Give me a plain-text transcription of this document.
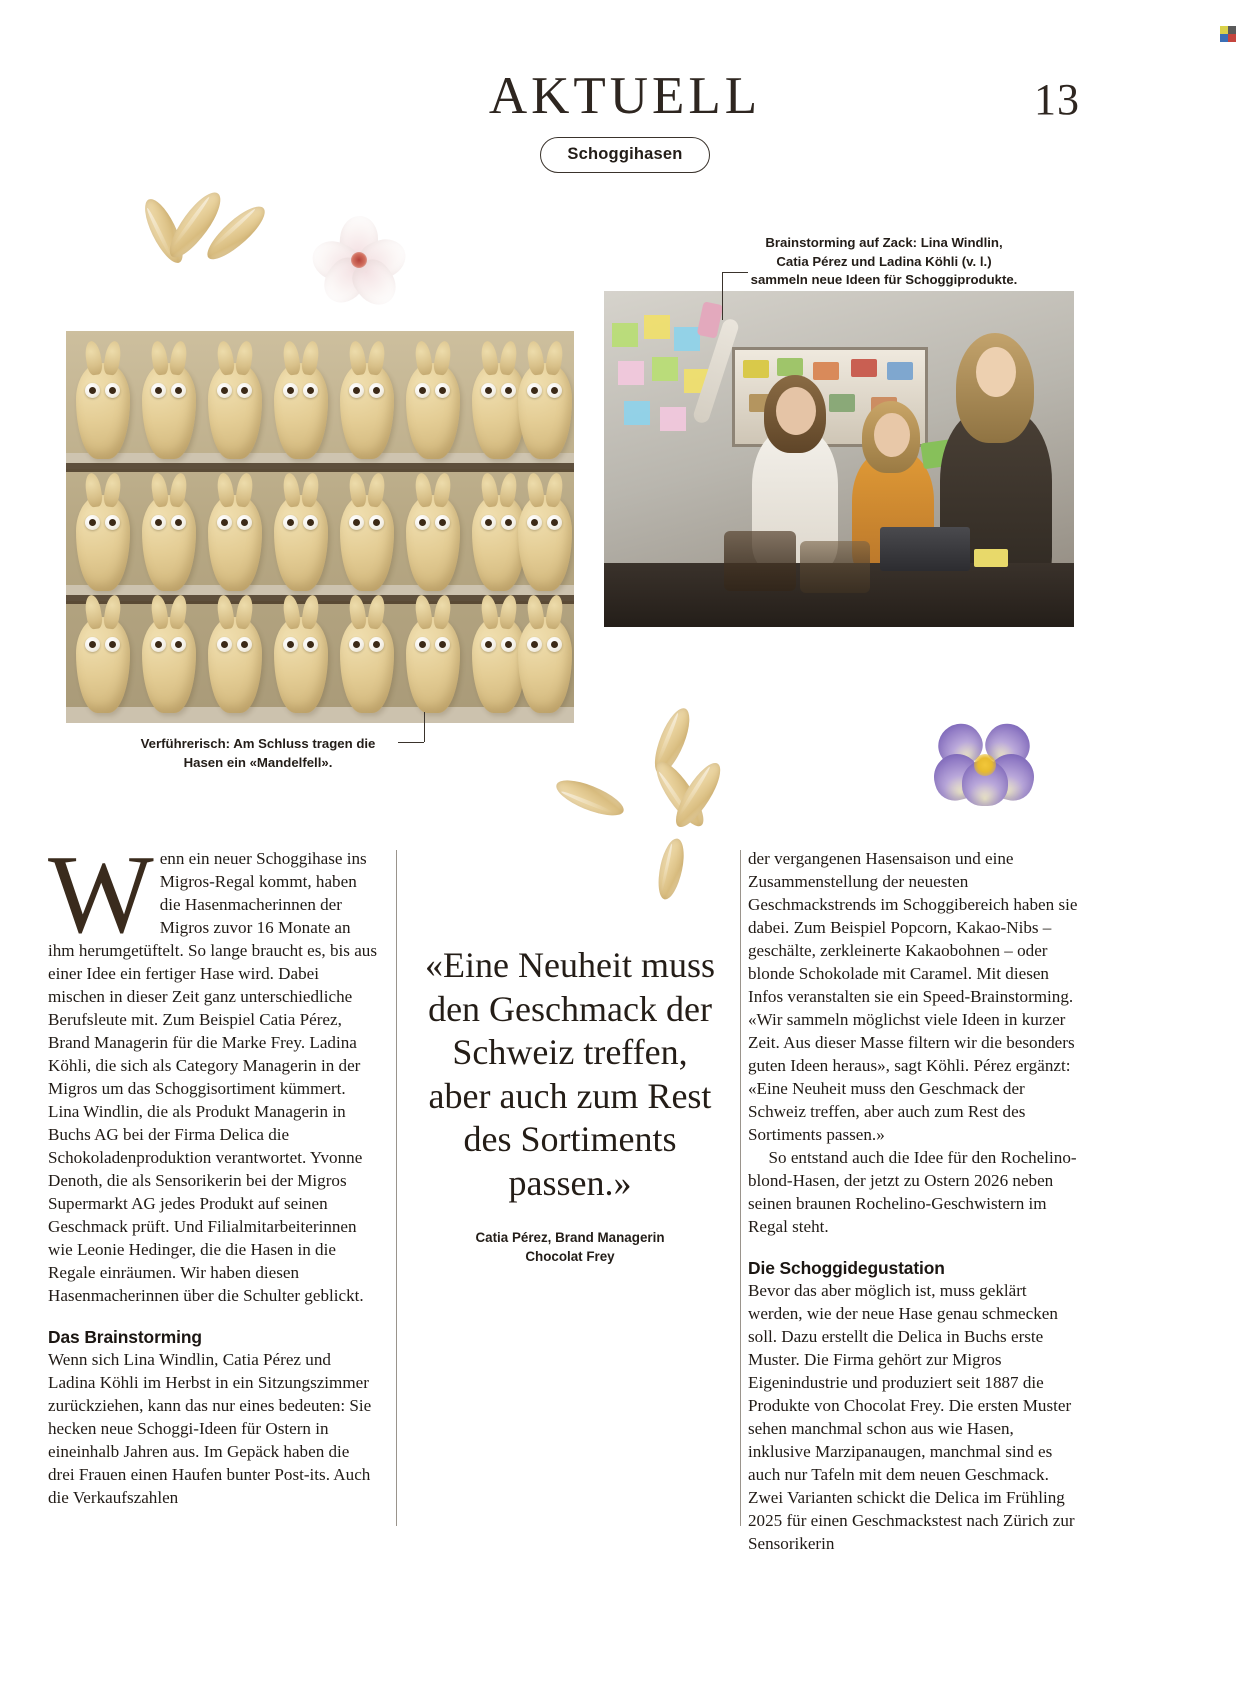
AKTUELL
Schoggihasen
13
Brainstorming auf Zack: Lina Windlin, Catia Pérez und Ladina Köhli (v. l.) sammeln neue Ideen für Schoggiprodukte.
Verführerisch: Am Schluss tragen die Hasen ein «Mandelfell».

Wenn ein neuer Schoggihase ins Migros-Regal kommt, haben die Hasenmacherinnen der Migros zuvor 16 Monate an ihm herumgetüftelt. So lange braucht es, bis aus einer Idee ein fertiger Hase wird. Dabei mischen in dieser Zeit ganz unterschiedliche Berufsleute mit. Zum Beispiel Catia Pérez, Brand Managerin für die Marke Frey. Ladina Köhli, die sich als Category Managerin in der Migros um das Schoggisortiment kümmert. Lina Windlin, die als Produkt Managerin in Buchs AG bei der Firma Delica die Schokoladenproduktion verantwortet. Yvonne Denoth, die als Sensorikerin bei der Migros Supermarkt AG jedes Produkt auf seinen Geschmack prüft. Und Filialmitarbeiterinnen wie Leonie Hedinger, die die Hasen in die Regale einräumen. Wir haben diesen Hasenmacherinnen über die Schulter geblickt.

Das Brainstorming

Wenn sich Lina Windlin, Catia Pérez und Ladina Köhli im Herbst in ein Sitzungszimmer zurückziehen, kann das nur eines bedeuten: Sie hecken neue Schoggi-Ideen für Ostern in eineinhalb Jahren aus. Im Gepäck haben die drei Frauen einen Haufen bunter Post-its. Auch die Verkaufszahlen

«Eine Neuheit muss den Geschmack der Schweiz treffen, aber auch zum Rest des Sortiments passen.»
Catia Pérez, Brand Managerin
Chocolat Frey

der vergangenen Hasensaison und eine Zusammenstellung der neuesten Geschmackstrends im Schoggibereich haben sie dabei. Zum Beispiel Popcorn, Kakao-Nibs – geschälte, zerkleinerte Kakaobohnen – oder blonde Schokolade mit Caramel. Mit diesen Infos veranstalten sie ein Speed-Brainstorming. «Wir sammeln möglichst viele Ideen in kurzer Zeit. Aus dieser Masse filtern wir die besonders guten Ideen heraus», sagt Köhli. Pérez ergänzt: «Eine Neuheit muss den Geschmack der Schweiz treffen, aber auch zum Rest des Sortiments passen.»

So entstand auch die Idee für den Rochelino-blond-Hasen, der jetzt zu Ostern 2026 neben seinen braunen Rochelino-Geschwistern im Regal steht.

Die Schoggidegustation

Bevor das aber möglich ist, muss geklärt werden, wie der neue Hase genau schmecken soll. Dazu erstellt die Delica in Buchs erste Muster. Die Firma gehört zur Migros Eigenindustrie und produziert seit 1887 die Produkte von Chocolat Frey. Die ersten Muster sehen manchmal schon aus wie Hasen, inklusive Marzipanaugen, manchmal sind es auch nur Tafeln mit dem neuen Geschmack. Zwei Varianten schickt die Delica im Frühling 2025 für einen Geschmackstest nach Zürich zur Sensorikerin
